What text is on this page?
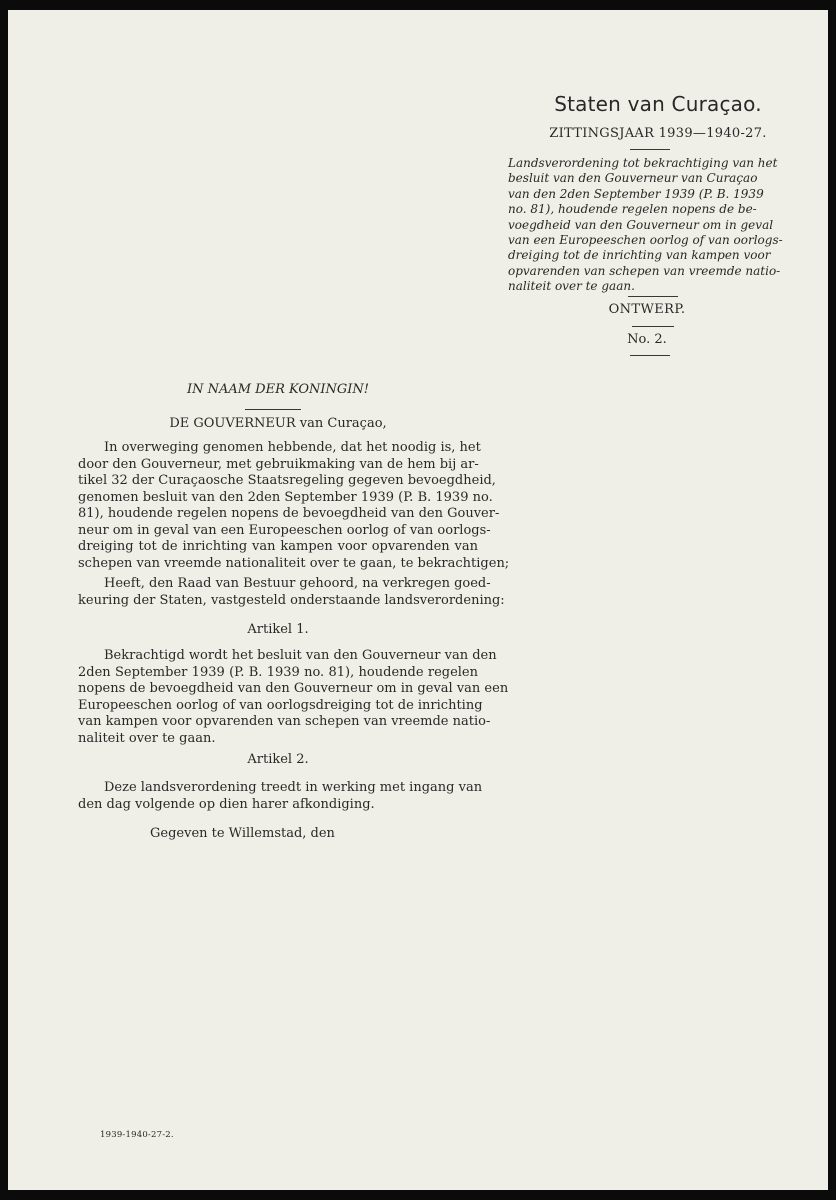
Staten van Curaçao.
ZITTINGSJAAR 1939—1940-27.
Landsverordening tot bekrachtiging van het
besluit van den Gouverneur van Curaçao
van den 2den September 1939 (P. B. 1939
no. 81), houdende regelen nopens de be-
voegdheid van den Gouverneur om in geval
van een Europeeschen oorlog of van oorlogs-
dreiging tot de inrichting van kampen voor
opvarenden van schepen van vreemde natio-
naliteit over te gaan.
ONTWERP.
No. 2.
IN NAAM DER KONINGIN!
DE GOUVERNEUR van Curaçao,
In overweging genomen hebbende, dat het noodig is, het
door den Gouverneur, met gebruikmaking van de hem bij ar-
tikel 32 der Curaçaosche Staatsregeling gegeven bevoegdheid,
genomen besluit van den 2den September 1939 (P. B. 1939 no.
81), houdende regelen nopens de bevoegdheid van den Gouver-
neur om in geval van een Europeeschen oorlog of van oorlogs-
dreiging tot de inrichting van kampen voor opvarenden van
schepen van vreemde nationaliteit over te gaan, te bekrachtigen;
Heeft, den Raad van Bestuur gehoord, na verkregen goed-
keuring der Staten, vastgesteld onderstaande landsverordening:
Artikel 1.
Bekrachtigd wordt het besluit van den Gouverneur van den
2den September 1939 (P. B. 1939 no. 81), houdende regelen
nopens de bevoegdheid van den Gouverneur om in geval van een
Europeeschen oorlog of van oorlogsdreiging tot de inrichting
van kampen voor opvarenden van schepen van vreemde natio-
naliteit over te gaan.
Artikel 2.
Deze landsverordening treedt in werking met ingang van
den dag volgende op dien harer afkondiging.
Gegeven te Willemstad, den
1939-1940-27-2.
